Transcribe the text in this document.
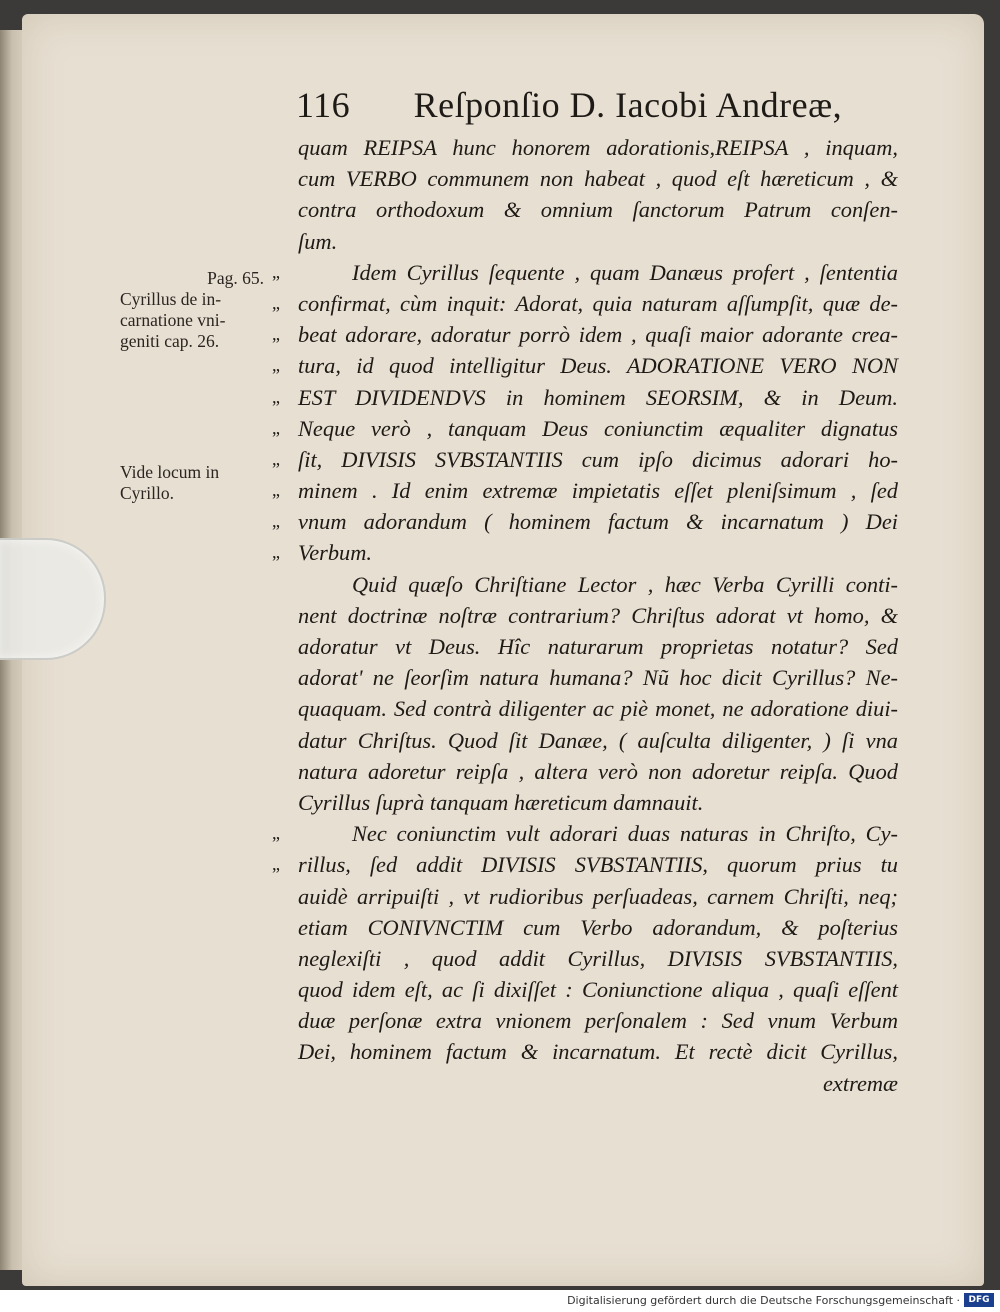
116 Reſponſio D. Iacobi Andreæ,
Pag. 65.
Cyrillus de in-
carnatione vni-
geniti cap. 26.
Vide locum in
Cyrillo.
quam REIPSA hunc honorem adorationis,REIPSA , inquam,
cum VERBO communem non habeat , quod eſt hæreticum , &
contra orthodoxum & omnium ſanctorum Patrum conſen-
ſum.
„	Idem Cyrillus ſequente , quam Danæus profert , ſententia
„ confirmat, cùm inquit: Adorat, quia naturam aſſumpſit, quæ de-
„ beat adorare, adoratur porrò idem , quaſi maior adorante crea-
„ tura, id quod intelligitur Deus. ADORATIONE VERO NON
„ EST DIVIDENDVS in hominem SEORSIM, & in Deum.
„ Neque verò , tanquam Deus coniunctim æqualiter dignatus
„ ſit, DIVISIS SVBSTANTIIS cum ipſo dicimus adorari ho-
„ minem . Id enim extremæ impietatis eſſet pleniſsimum , ſed
„ vnum adorandum ( hominem factum & incarnatum ) Dei
„ Verbum.
Quid quæſo Chriſtiane Lector , hæc Verba Cyrilli conti-
nent doctrinæ noſtræ contrarium? Chriſtus adorat vt homo, &
adoratur vt Deus. Hîc naturarum proprietas notatur? Sed
adorat' ne ſeorſim natura humana? Nũ hoc dicit Cyrillus? Ne-
quaquam. Sed contrà diligenter ac piè monet, ne adoratione diui-
datur Chriſtus. Quod ſit Danæe, ( auſculta diligenter, ) ſi vna
natura adoretur reipſa , altera verò non adoretur reipſa. Quod
Cyrillus ſuprà tanquam hæreticum damnauit.
„	Nec coniunctim vult adorari duas naturas in Chriſto, Cy-
„ rillus, ſed addit DIVISIS SVBSTANTIIS, quorum prius tu
auidè arripuiſti , vt rudioribus perſuadeas, carnem Chriſti, neq;
etiam CONIVNCTIM cum Verbo adorandum, & poſterius
neglexiſti , quod addit Cyrillus, DIVISIS SVBSTANTIIS,
quod idem eſt, ac ſi dixiſſet : Coniunctione aliqua , quaſi eſſent
duæ perſonæ extra vnionem perſonalem : Sed vnum Verbum
Dei, hominem factum & incarnatum. Et rectè dicit Cyrillus,
extremæ
Digitalisierung gefördert durch die Deutsche Forschungsgemeinschaft · DFG
